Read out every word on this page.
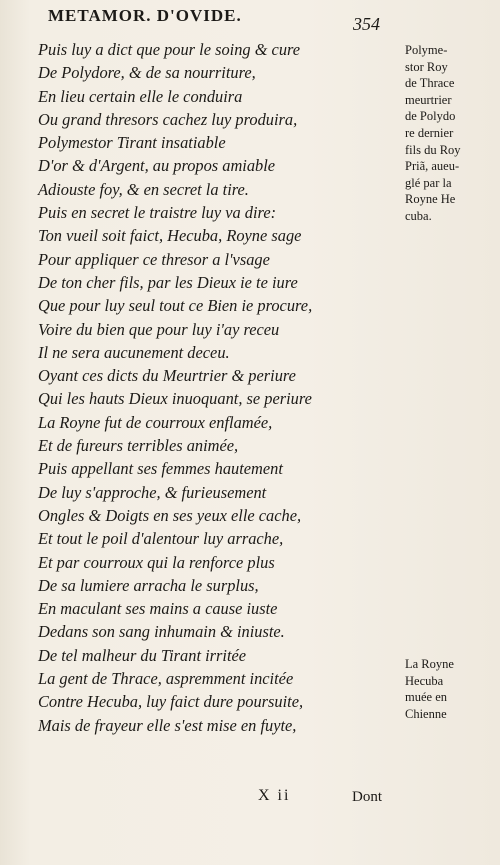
METAMOR. D'OVIDE.	354
Puis luy a dict que pour le soing & cure
De Polydore, & de sa nourriture,
En lieu certain elle le conduira
Ou grand thresors cachez luy produira,
Polymestor Tirant insatiable
D'or & d'Argent, au propos amiable
Adiouste foy, & en secret la tire.
Puis en secret le traistre luy va dire:
Ton vueil soit faict, Hecuba, Royne sage
Pour appliquer ce thresor a l'vsage
De ton cher fils, par les Dieux ie te iure
Que pour luy seul tout ce Bien ie procure,
Voire du bien que pour luy i'ay receu
Il ne sera aucunement deceu.
Oyant ces dicts du Meurtrier & periure
Qui les hauts Dieux inuoquant, se periure
La Royne fut de courroux enflamée,
Et de fureurs terribles animée,
Puis appellant ses femmes hautement
De luy s'approche, & furieusement
Ongles & Doigts en ses yeux elle cache,
Et tout le poil d'alentour luy arrache,
Et par courroux qui la renforce plus
De sa lumiere arracha le surplus,
En maculant ses mains a cause iuste
Dedans son sang inhumain & iniuste.
De tel malheur du Tirant irritée
La gent de Thrace, aspremment incitée
Contre Hecuba, luy faict dure poursuite,
Mais de frayeur elle s'est mise en fuyte,
Polyme-
stor Roy
de Thrace
meurtrier
de Polydo
re dernier
fils du Roy
Priã, aueu-
glé par la
Royne He
cuba.
La Royne
Hecuba
muée en
Chienne
X ii	Dont
